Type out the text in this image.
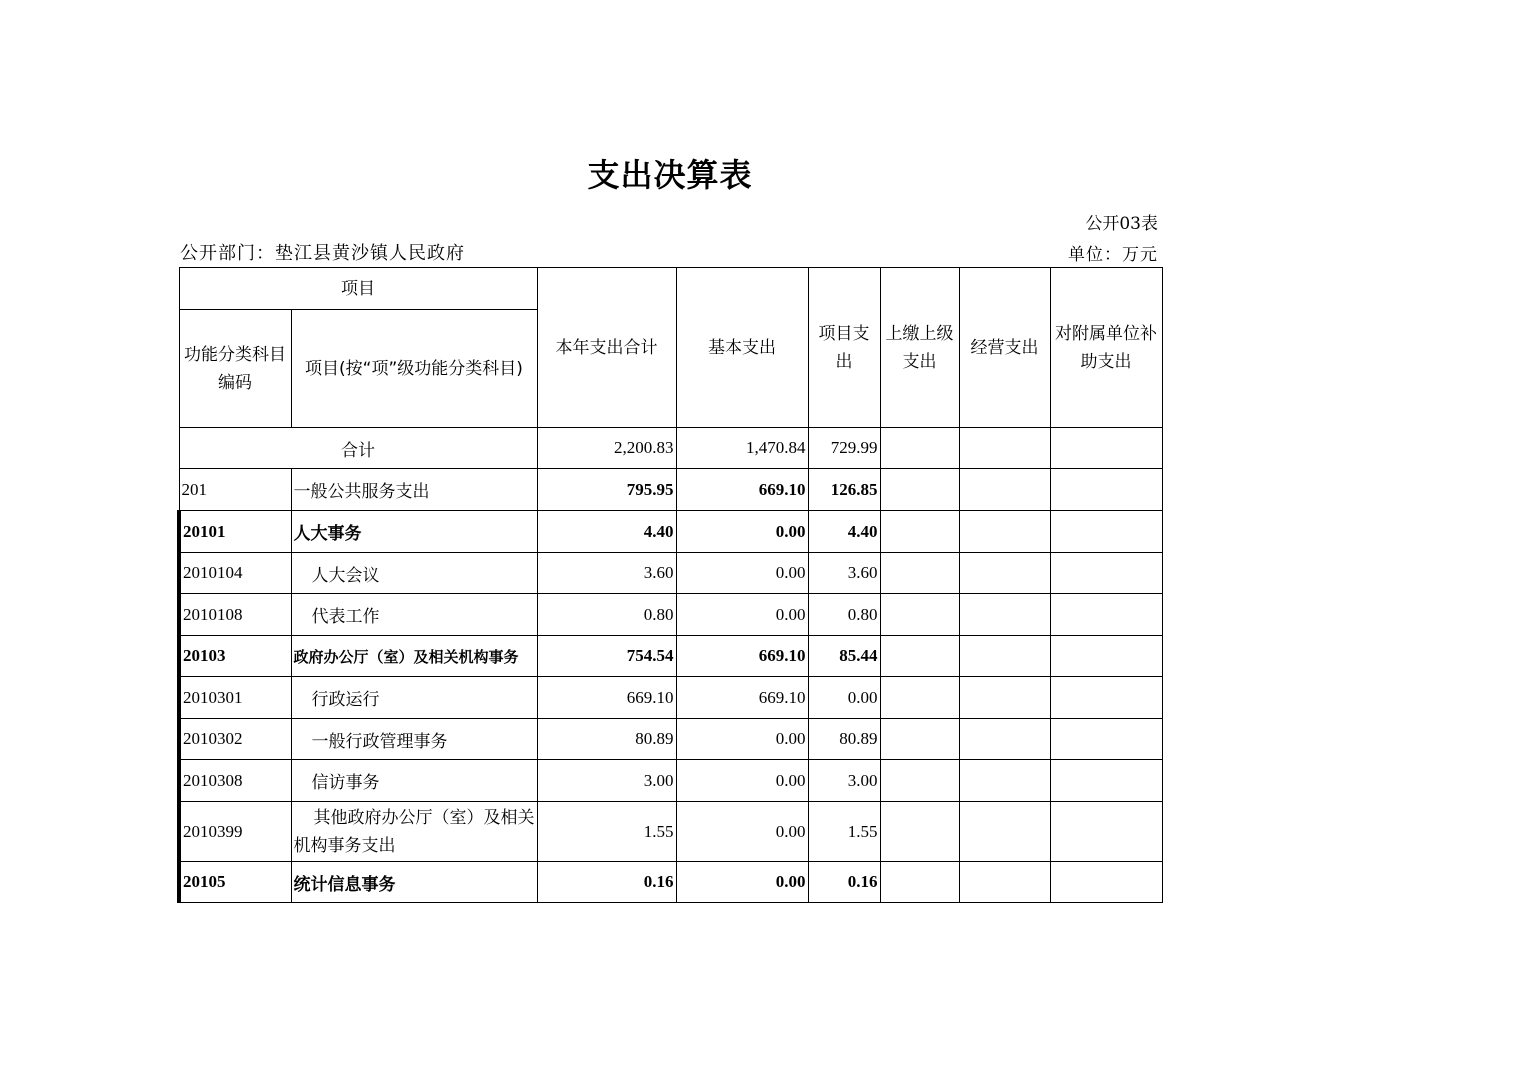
支出决算表
公开03表
公开部门：垫江县黄沙镇人民政府	单位：万元
项目		本年支出合计	基本支出	项目支出	上缴上级支出	经营支出	对附属单位补助支出
功能分类科目编码	项目(按“项”级功能分类科目)						
合计		2,200.83	1,470.84	729.99			
201	一般公共服务支出	795.95	669.10	126.85			
20101	人大事务	4.40	0.00	4.40			
2010104	人大会议	3.60	0.00	3.60			
2010108	代表工作	0.80	0.00	0.80			
20103	政府办公厅（室）及相关机构事务	754.54	669.10	85.44			
2010301	行政运行	669.10	669.10	0.00			
2010302	一般行政管理事务	80.89	0.00	80.89			
2010308	信访事务	3.00	0.00	3.00			
2010399	其他政府办公厅（室）及相关机构事务支出	1.55	0.00	1.55			
20105	统计信息事务	0.16	0.00	0.16			
